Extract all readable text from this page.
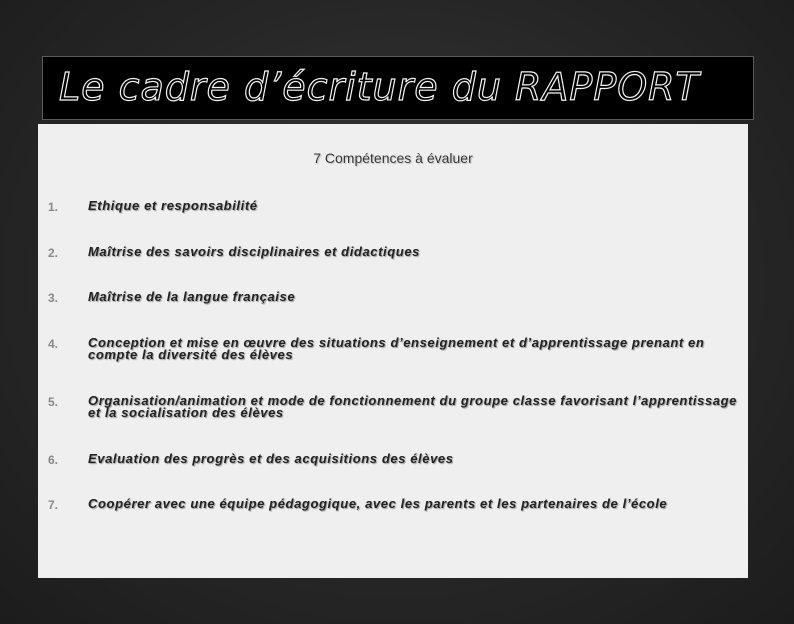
Le cadre d’écriture du RAPPORT
7 Compétences à évaluer
1.	Ethique et responsabilité
2.	Maîtrise des savoirs disciplinaires et didactiques
3.	Maîtrise de la langue française
4.	Conception et mise en œuvre des situations d’enseignement et d’apprentissage prenant en compte la diversité des élèves
5.	Organisation/animation et mode de fonctionnement du groupe classe favorisant l’apprentissage et la socialisation des élèves
6.	Evaluation des progrès et des acquisitions des élèves
7.	Coopérer avec une équipe pédagogique, avec les parents et les partenaires de l’école
